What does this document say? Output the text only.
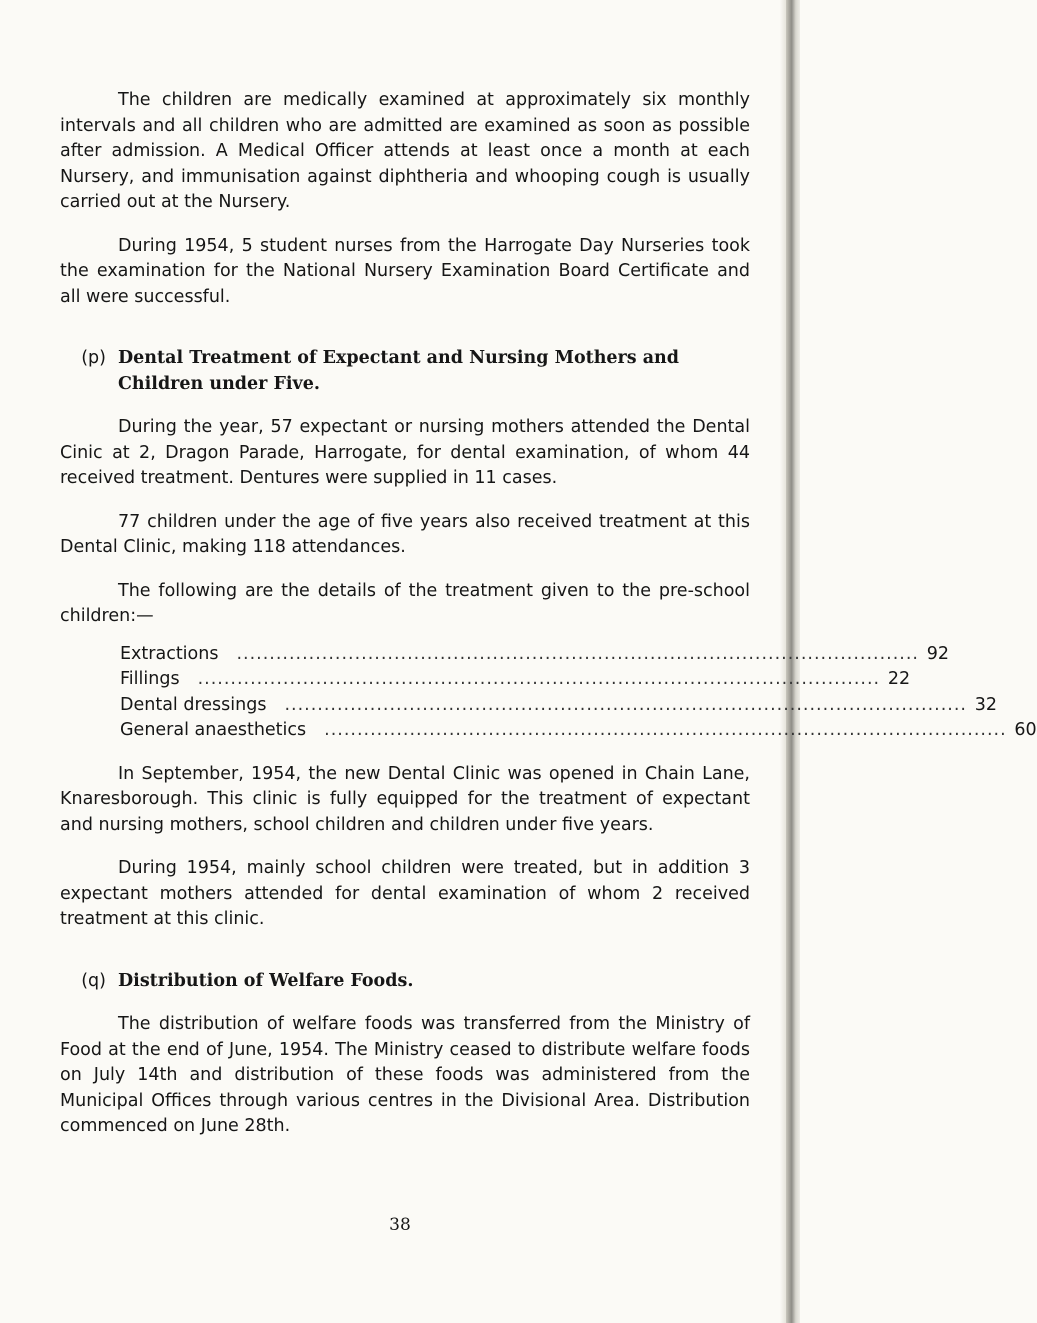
The children are medically examined at approximately six monthly intervals and all children who are admitted are examined as soon as possible after admission. A Medical Officer attends at least once a month at each Nursery, and immunisation against diphtheria and whooping cough is usually carried out at the Nursery.

During 1954, 5 student nurses from the Harrogate Day Nurseries took the examination for the National Nursery Examination Board Certificate and all were successful.

(p) Dental Treatment of Expectant and Nursing Mothers and Children under Five.

During the year, 57 expectant or nursing mothers attended the Dental Cinic at 2, Dragon Parade, Harrogate, for dental examination, of whom 44 received treatment. Dentures were supplied in 11 cases.

77 children under the age of five years also received treatment at this Dental Clinic, making 118 attendances.

The following are the details of the treatment given to the pre-school children:—

Extractions	........................................................................................................ 92
Fillings	........................................................................................................ 22
Dental dressings	........................................................................................................ 32
General anaesthetics	........................................................................................................ 60

In September, 1954, the new Dental Clinic was opened in Chain Lane, Knaresborough. This clinic is fully equipped for the treatment of expectant and nursing mothers, school children and children under five years.

During 1954, mainly school children were treated, but in addition 3 expectant mothers attended for dental examination of whom 2 received treatment at this clinic.

(q) Distribution of Welfare Foods.

The distribution of welfare foods was transferred from the Ministry of Food at the end of June, 1954. The Ministry ceased to distribute welfare foods on July 14th and distribution of these foods was administered from the Municipal Offices through various centres in the Divisional Area. Distribution commenced on June 28th.

38
